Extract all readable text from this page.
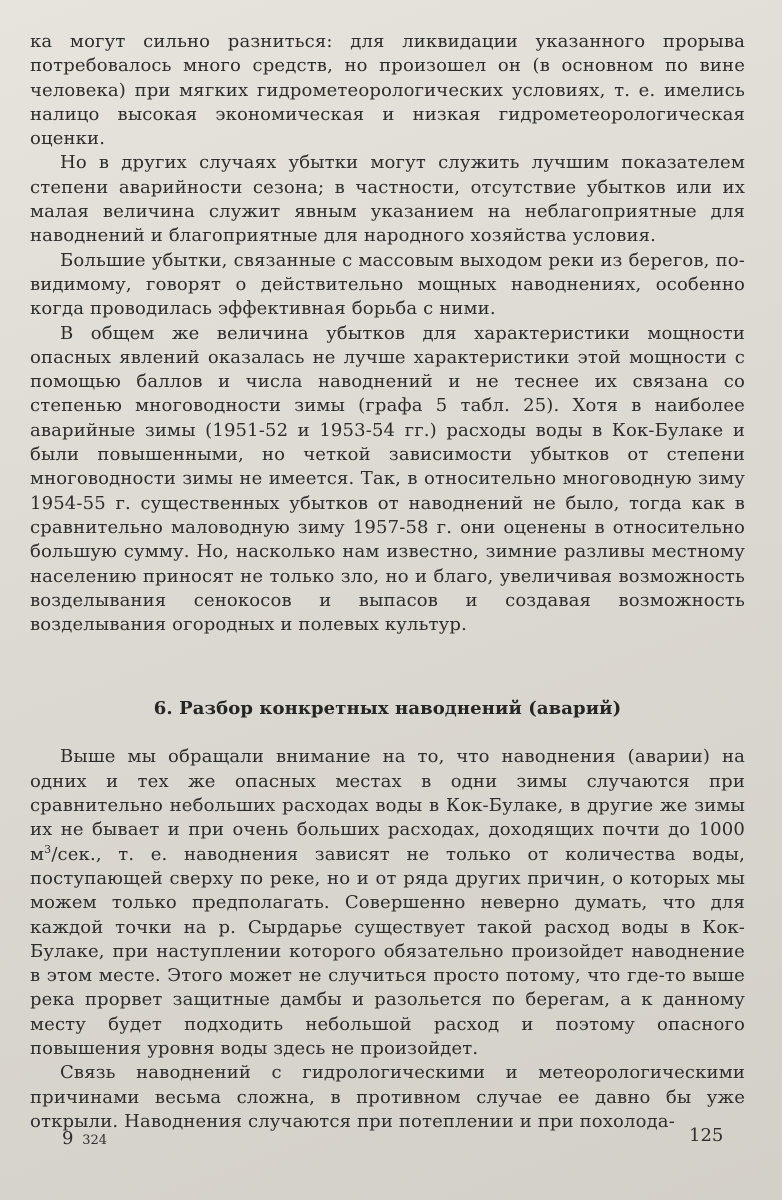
ка могут сильно разниться: для ликвидации указанного прорыва потребовалось много средств, но произошел он (в основном по вине человека) при мягких гидрометеорологических условиях, т. е. имелись налицо высокая экономическая и низкая гидрометеорологическая оценки.

Но в других случаях убытки могут служить лучшим показателем степени аварийности сезона; в частности, отсутствие убытков или их малая величина служит явным указанием на неблагоприятные для наводнений и благоприятные для народного хозяйства условия.

Большие убытки, связанные с массовым выходом реки из берегов, по-видимому, говорят о действительно мощных наводнениях, особенно когда проводилась эффективная борьба с ними.

В общем же величина убытков для характеристики мощности опасных явлений оказалась не лучше характеристики этой мощности с помощью баллов и числа наводнений и не теснее их связана со степенью многоводности зимы (графа 5 табл. 25). Хотя в наиболее аварийные зимы (1951-52 и 1953-54 гг.) расходы воды в Кок-Булаке и были повышенными, но четкой зависимости убытков от степени многоводности зимы не имеется. Так, в относительно многоводную зиму 1954-55 г. существенных убытков от наводнений не было, тогда как в сравнительно маловодную зиму 1957-58 г. они оценены в относительно большую сумму. Но, насколько нам известно, зимние разливы местному населению приносят не только зло, но и благо, увеличивая возможность возделывания сенокосов и выпасов и создавая возможность возделывания огородных и полевых культур.

6. Разбор конкретных наводнений (аварий)

Выше мы обращали внимание на то, что наводнения (аварии) на одних и тех же опасных местах в одни зимы случаются при сравнительно небольших расходах воды в Кок-Булаке, в другие же зимы их не бывает и при очень больших расходах, доходящих почти до 1000 $м^3$/сек., т. е. наводнения зависят не только от количества воды, поступающей сверху по реке, но и от ряда других причин, о которых мы можем только предполагать. Совершенно неверно думать, что для каждой точки на р. Сырдарье существует такой расход воды в Кок-Булаке, при наступлении которого обязательно произойдет наводнение в этом месте. Этого может не случиться просто потому, что где-то выше река прорвет защитные дамбы и разольется по берегам, а к данному месту будет подходить небольшой расход и поэтому опасного повышения уровня воды здесь не произойдет.

Связь наводнений с гидрологическими и метеорологическими причинами весьма сложна, в противном случае ее давно бы уже открыли. Наводнения случаются при потеплении и при похолода-

9 324	125
